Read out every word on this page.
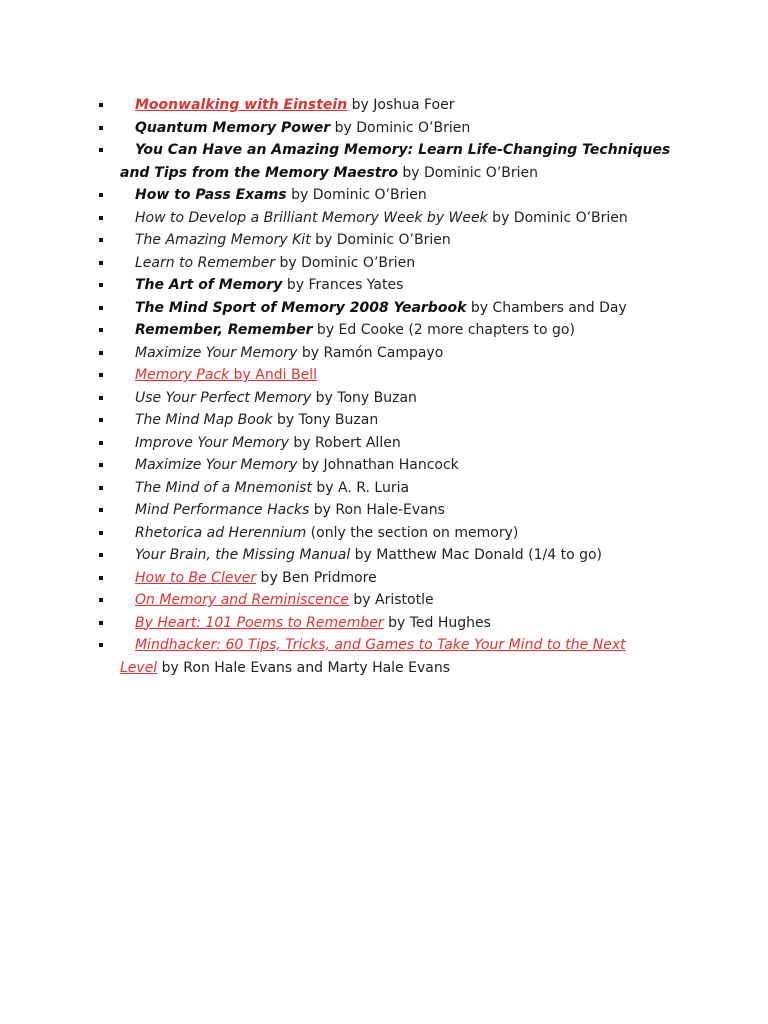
Moonwalking with Einstein by Joshua Foer
Quantum Memory Power by Dominic O’Brien
You Can Have an Amazing Memory: Learn Life-Changing Techniques
and Tips from the Memory Maestro by Dominic O’Brien
How to Pass Exams by Dominic O’Brien
How to Develop a Brilliant Memory Week by Week by Dominic O’Brien
The Amazing Memory Kit by Dominic O’Brien
Learn to Remember by Dominic O’Brien
The Art of Memory by Frances Yates
The Mind Sport of Memory 2008 Yearbook by Chambers and Day
Remember, Remember by Ed Cooke (2 more chapters to go)
Maximize Your Memory by Ramón Campayo
Memory Pack by Andi Bell
Use Your Perfect Memory by Tony Buzan
The Mind Map Book by Tony Buzan
Improve Your Memory by Robert Allen
Maximize Your Memory by Johnathan Hancock
The Mind of a Mnemonist by A. R. Luria
Mind Performance Hacks by Ron Hale-Evans
Rhetorica ad Herennium (only the section on memory)
Your Brain, the Missing Manual by Matthew Mac Donald (1/4 to go)
How to Be Clever by Ben Pridmore
On Memory and Reminiscence by Aristotle
By Heart: 101 Poems to Remember by Ted Hughes
Mindhacker: 60 Tips, Tricks, and Games to Take Your Mind to the Next
Level by Ron Hale Evans and Marty Hale Evans
